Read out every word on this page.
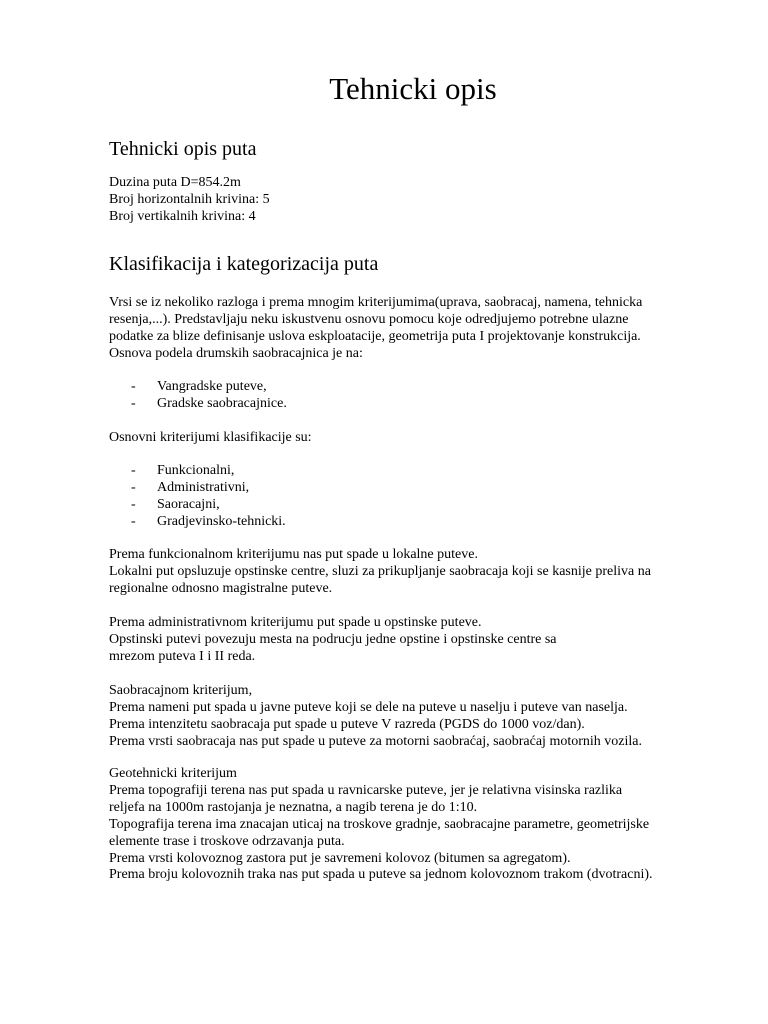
Tehnicki opis
Tehnicki opis puta

Duzina puta D=854.2m
Broj horizontalnih krivina: 5
Broj vertikalnih krivina: 4

Klasifikacija i kategorizacija puta

Vrsi se iz nekoliko razloga i prema mnogim kriterijumima(uprava, saobracaj, namena, tehnicka
resenja,...). Predstavljaju neku iskustvenu osnovu pomocu koje odredjujemo potrebne ulazne
podatke za blize definisanje uslova eskploatacije, geometrija puta I projektovanje konstrukcija.
Osnova podela drumskih saobracajnica je na:

- Vangradske puteve,
- Gradske saobracajnice.

Osnovni kriterijumi klasifikacije su:

- Funkcionalni,
- Administrativni,
- Saoracajni,
- Gradjevinsko-tehnicki.

Prema funkcionalnom kriterijumu nas put spade u lokalne puteve.
Lokalni put opsluzuje opstinske centre, sluzi za prikupljanje saobracaja koji se kasnije preliva na
regionalne odnosno magistralne puteve.

Prema administrativnom kriterijumu put spade u opstinske puteve.
Opstinski putevi povezuju mesta na podrucju jedne opstine i opstinske centre sa
mrezom puteva I i II reda.

Saobracajnom kriterijum,
Prema nameni put spada u javne puteve koji se dele na puteve u naselju i puteve van naselja.
Prema intenzitetu saobracaja put spade u puteve V razreda (PGDS do 1000 voz/dan).
Prema vrsti saobracaja nas put spade u puteve za motorni saobraćaj, saobraćaj motornih vozila.

Geotehnicki kriterijum
Prema topografiji terena nas put spada u ravnicarske puteve, jer je relativna visinska razlika
reljefa na 1000m rastojanja je neznatna, a nagib terena je do 1:10.
Topografija terena ima znacajan uticaj na troskove gradnje, saobracajne parametre, geometrijske
elemente trase i troskove odrzavanja puta.
Prema vrsti kolovoznog zastora put je savremeni kolovoz (bitumen sa agregatom).
Prema broju kolovoznih traka nas put spada u puteve sa jednom kolovoznom trakom (dvotracni).
